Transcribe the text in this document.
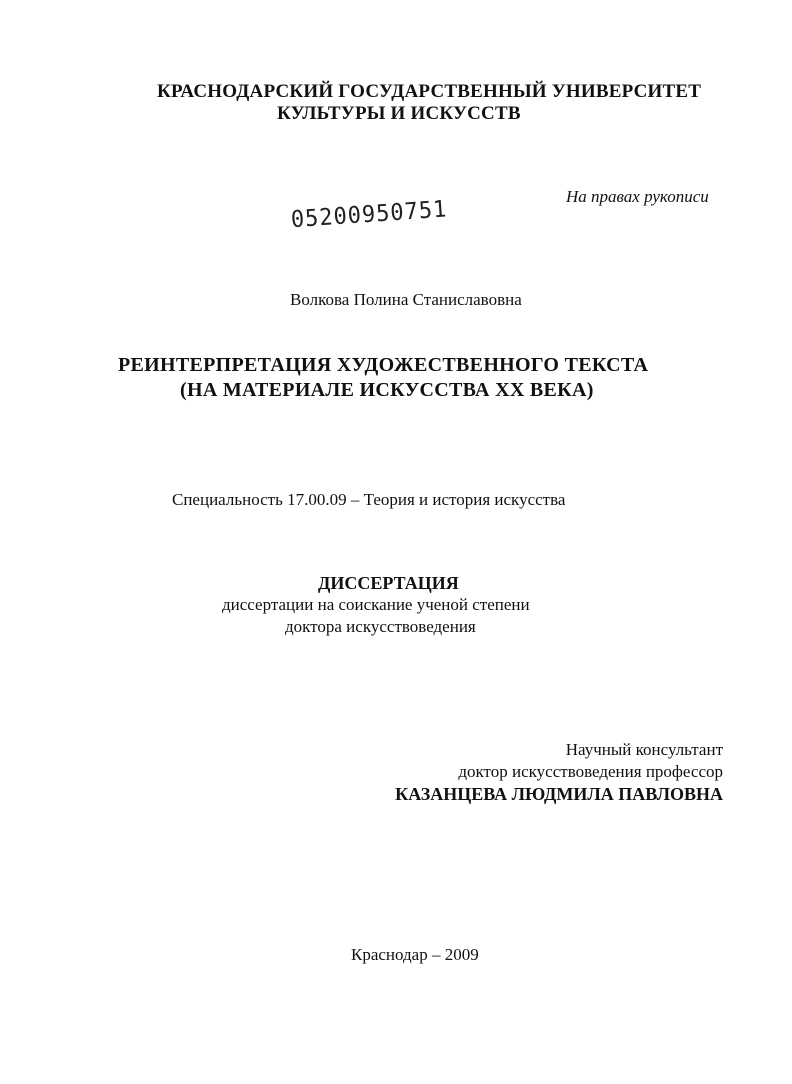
КРАСНОДАРСКИЙ ГОСУДАРСТВЕННЫЙ УНИВЕРСИТЕТ
КУЛЬТУРЫ И ИСКУССТВ
На правах рукописи
05200950751
Волкова Полина Станиславовна
РЕИНТЕРПРЕТАЦИЯ ХУДОЖЕСТВЕННОГО ТЕКСТА
(НА МАТЕРИАЛЕ ИСКУССТВА XX ВЕКА)
Специальность 17.00.09 – Теория и история искусства
ДИССЕРТАЦИЯ
диссертации на соискание ученой степени
доктора искусствоведения
Научный консультант
доктор искусствоведения профессор
КАЗАНЦЕВА ЛЮДМИЛА ПАВЛОВНА
Краснодар – 2009
